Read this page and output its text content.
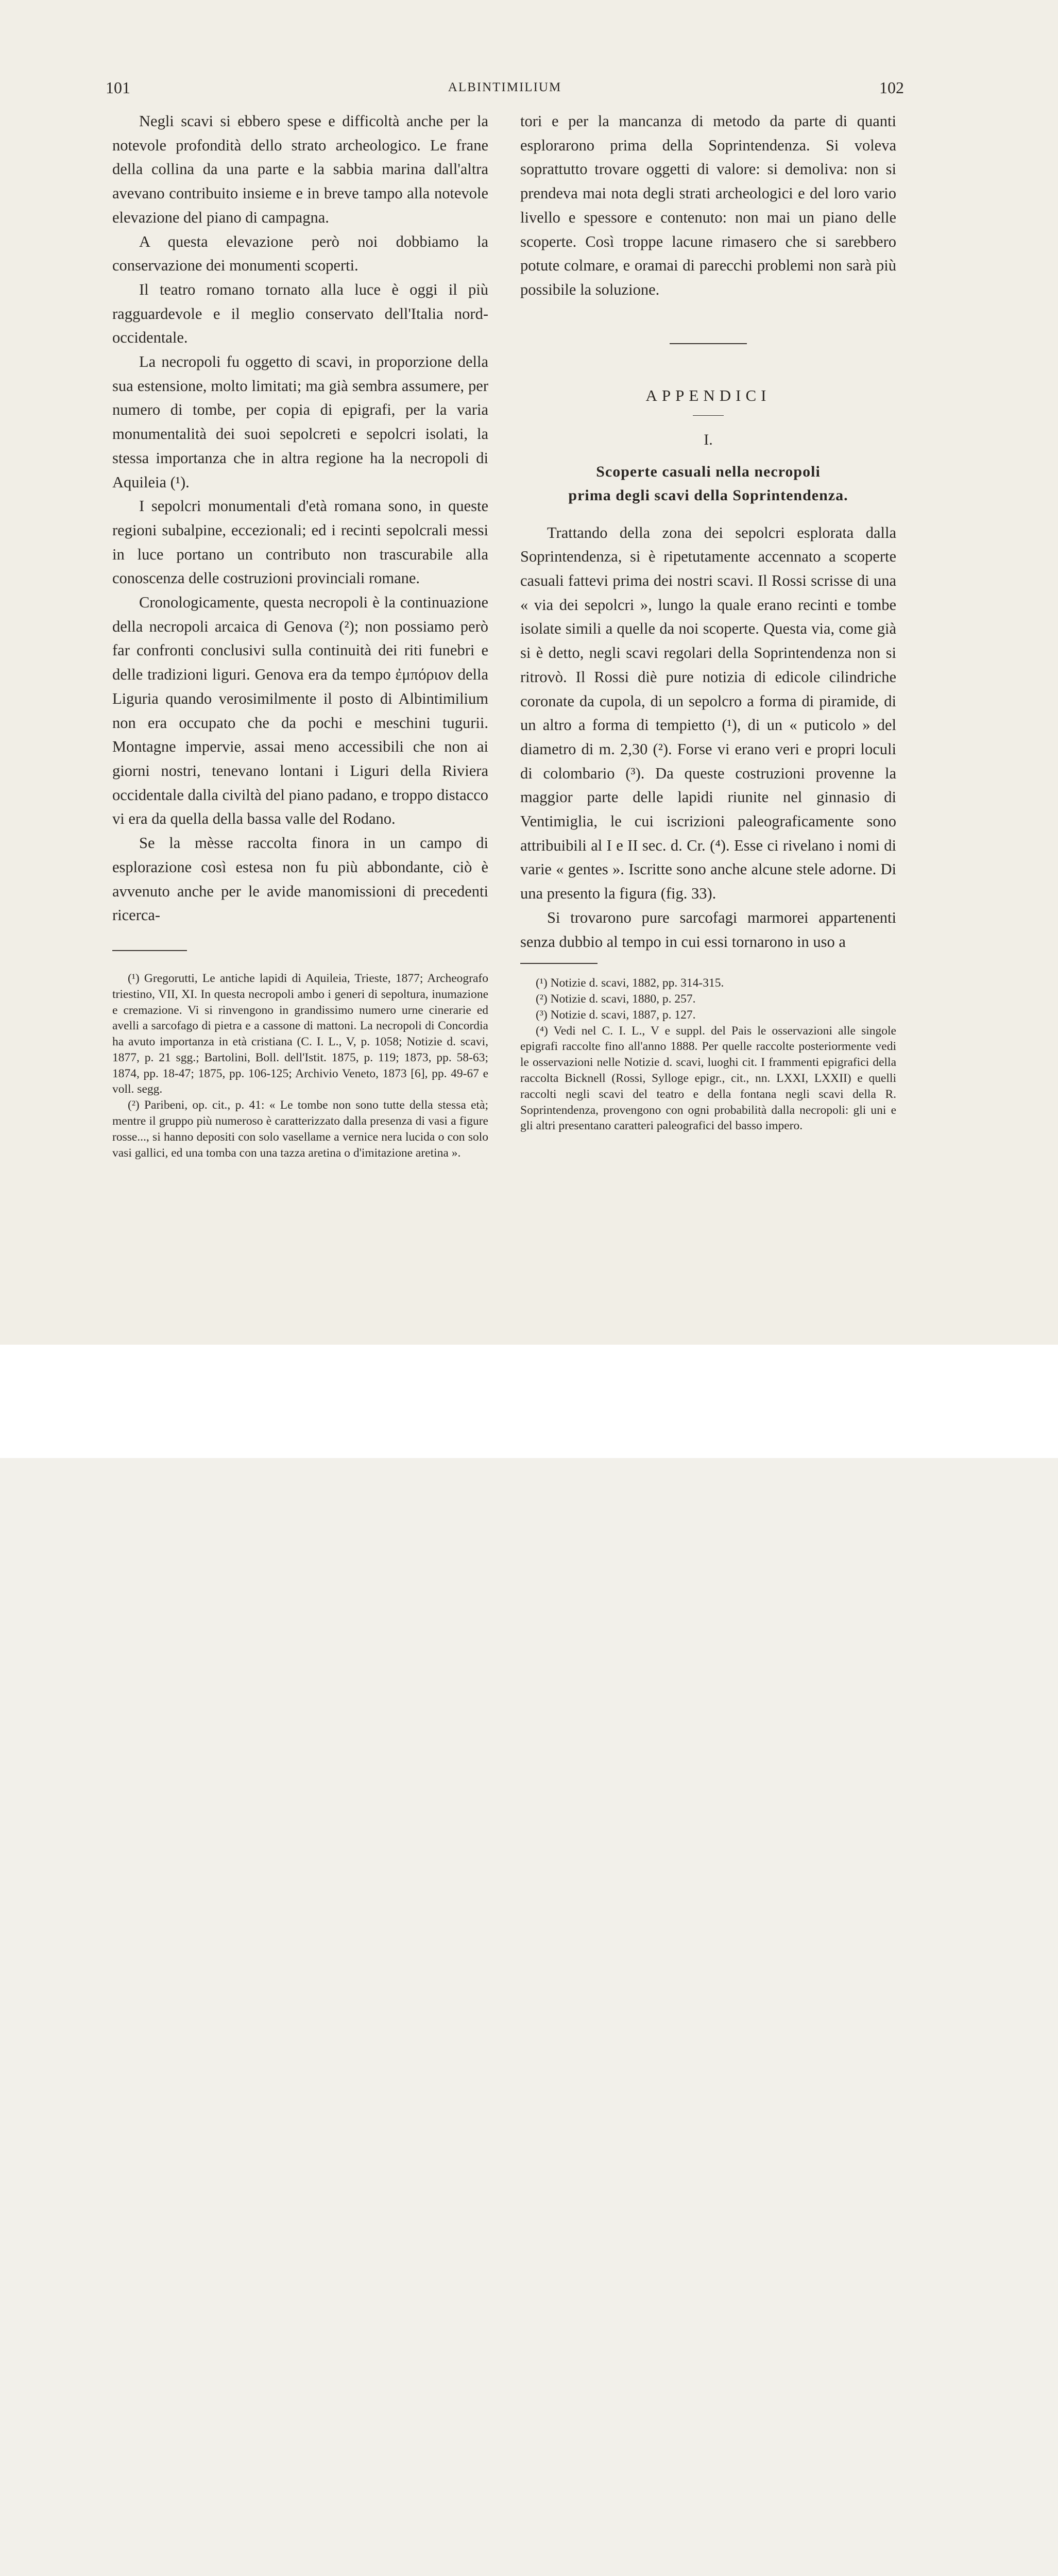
101	ALBINTIMILIUM	102

Negli scavi si ebbero spese e difficoltà anche per la notevole profondità dello strato archeologico. Le frane della collina da una parte e la sabbia marina dall'altra avevano contribuito insieme e in breve tampo alla notevole elevazione del piano di campagna.

A questa elevazione però noi dobbiamo la conservazione dei monumenti scoperti.

Il teatro romano tornato alla luce è oggi il più ragguardevole e il meglio conservato dell'Italia nord-occidentale.

La necropoli fu oggetto di scavi, in proporzione della sua estensione, molto limitati; ma già sembra assumere, per numero di tombe, per copia di epigrafi, per la varia monumentalità dei suoi sepolcreti e sepolcri isolati, la stessa importanza che in altra regione ha la necropoli di Aquileia (¹).

I sepolcri monumentali d'età romana sono, in queste regioni subalpine, eccezionali; ed i recinti sepolcrali messi in luce portano un contributo non trascurabile alla conoscenza delle costruzioni provinciali romane.

Cronologicamente, questa necropoli è la continuazione della necropoli arcaica di Genova (²); non possiamo però far confronti conclusivi sulla continuità dei riti funebri e delle tradizioni liguri. Genova era da tempo ἐμπόριον della Liguria quando verosimilmente il posto di Albintimilium non era occupato che da pochi e meschini tugurii. Montagne impervie, assai meno accessibili che non ai giorni nostri, tenevano lontani i Liguri della Riviera occidentale dalla civiltà del piano padano, e troppo distacco vi era da quella della bassa valle del Rodano.

Se la mèsse raccolta finora in un campo di esplorazione così estesa non fu più abbondante, ciò è avvenuto anche per le avide manomissioni di precedenti ricerca-

(¹) Gregorutti, Le antiche lapidi di Aquileia, Trieste, 1877; Archeografo triestino, VII, XI. In questa necropoli ambo i generi di sepoltura, inumazione e cremazione. Vi si rinvengono in grandissimo numero urne cinerarie ed avelli a sarcofago di pietra e a cassone di mattoni. La necropoli di Concordia ha avuto importanza in età cristiana (C. I. L., V, p. 1058; Notizie d. scavi, 1877, p. 21 sgg.; Bartolini, Boll. dell'Istit. 1875, p. 119; 1873, pp. 58-63; 1874, pp. 18-47; 1875, pp. 106-125; Archivio Veneto, 1873 [6], pp. 49-67 e voll. segg.

(²) Paribeni, op. cit., p. 41: « Le tombe non sono tutte della stessa età; mentre il gruppo più numeroso è caratterizzato dalla presenza di vasi a figure rosse..., si hanno depositi con solo vasellame a vernice nera lucida o con solo vasi gallici, ed una tomba con una tazza aretina o d'imitazione aretina ».

tori e per la mancanza di metodo da parte di quanti esplorarono prima della Soprintendenza. Si voleva soprattutto trovare oggetti di valore: si demoliva: non si prendeva mai nota degli strati archeologici e del loro vario livello e spessore e contenuto: non mai un piano delle scoperte. Così troppe lacune rimasero che si sarebbero potute colmare, e oramai di parecchi problemi non sarà più possibile la soluzione.

APPENDICI
I.
Scoperte casuali nella necropoli
prima degli scavi della Soprintendenza.

Trattando della zona dei sepolcri esplorata dalla Soprintendenza, si è ripetutamente accennato a scoperte casuali fattevi prima dei nostri scavi. Il Rossi scrisse di una « via dei sepolcri », lungo la quale erano recinti e tombe isolate simili a quelle da noi scoperte. Questa via, come già si è detto, negli scavi regolari della Soprintendenza non si ritrovò. Il Rossi diè pure notizia di edicole cilindriche coronate da cupola, di un sepolcro a forma di piramide, di un altro a forma di tempietto (¹), di un « puticolo » del diametro di m. 2,30 (²). Forse vi erano veri e propri loculi di colombario (³). Da queste costruzioni provenne la maggior parte delle lapidi riunite nel ginnasio di Ventimiglia, le cui iscrizioni paleograficamente sono attribuibili al I e II sec. d. Cr. (⁴). Esse ci rivelano i nomi di varie « gentes ». Iscritte sono anche alcune stele adorne. Di una presento la figura (fig. 33).

Si trovarono pure sarcofagi marmorei appartenenti senza dubbio al tempo in cui essi tornarono in uso a

(¹) Notizie d. scavi, 1882, pp. 314-315.

(²) Notizie d. scavi, 1880, p. 257.

(³) Notizie d. scavi, 1887, p. 127.

(⁴) Vedi nel C. I. L., V e suppl. del Pais le osservazioni alle singole epigrafi raccolte fino all'anno 1888. Per quelle raccolte posteriormente vedi le osservazioni nelle Notizie d. scavi, luoghi cit. I frammenti epigrafici della raccolta Bicknell (Rossi, Sylloge epigr., cit., nn. LXXI, LXXII) e quelli raccolti negli scavi del teatro e della fontana negli scavi della R. Soprintendenza, provengono con ogni probabilità dalla necropoli: gli uni e gli altri presentano caratteri paleografici del basso impero.
